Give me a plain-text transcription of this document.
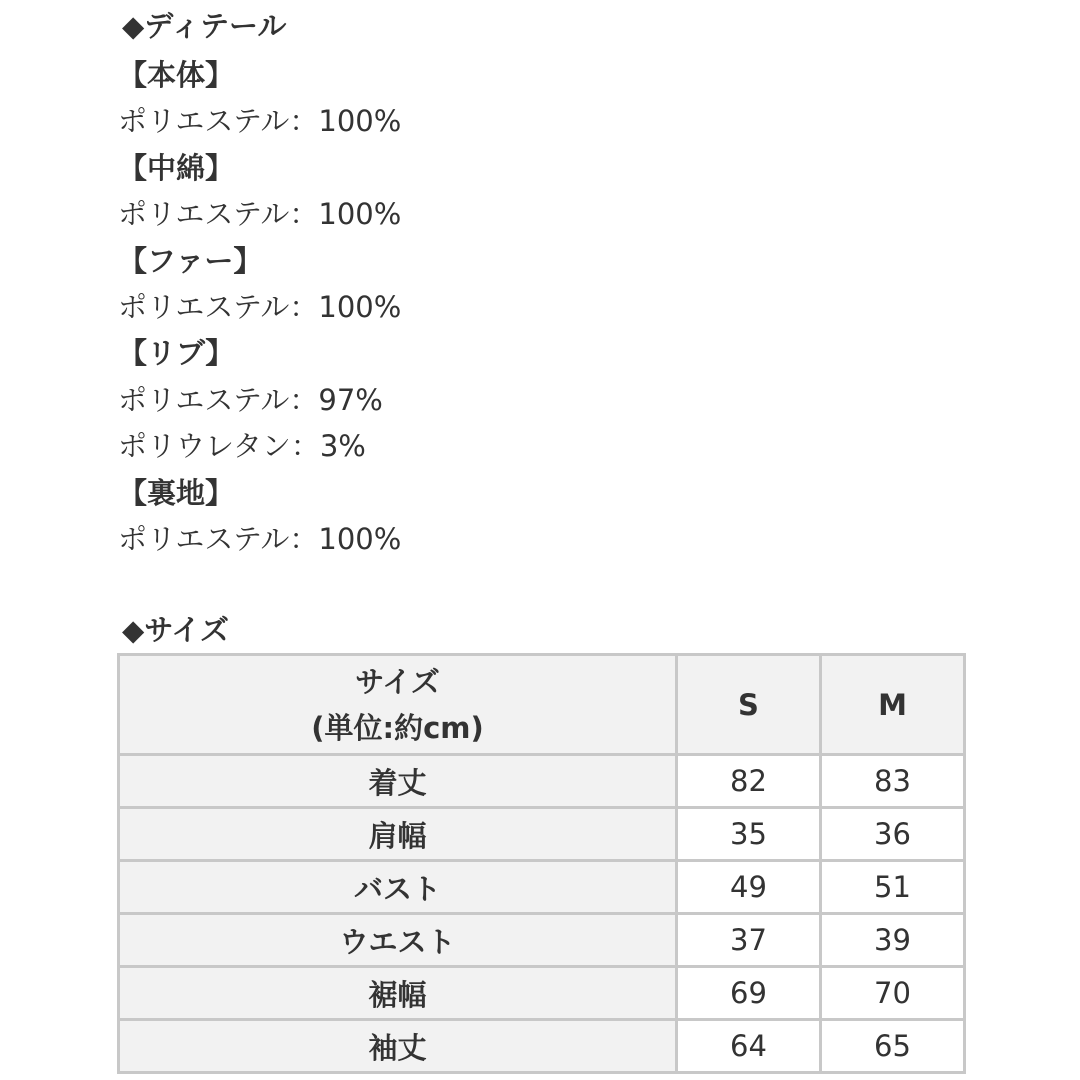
◆ディテール
【本体】
ポリエステル：100%
【中綿】
ポリエステル：100%
【ファー】
ポリエステル：100%
【リブ】
ポリエステル：97%
ポリウレタン：3%
【裏地】
ポリエステル：100%
◆サイズ
サイズ
(単位:約cm)	S	M
着丈	82	83
肩幅	35	36
バスト	49	51
ウエスト	37	39
裾幅	69	70
袖丈	64	65
